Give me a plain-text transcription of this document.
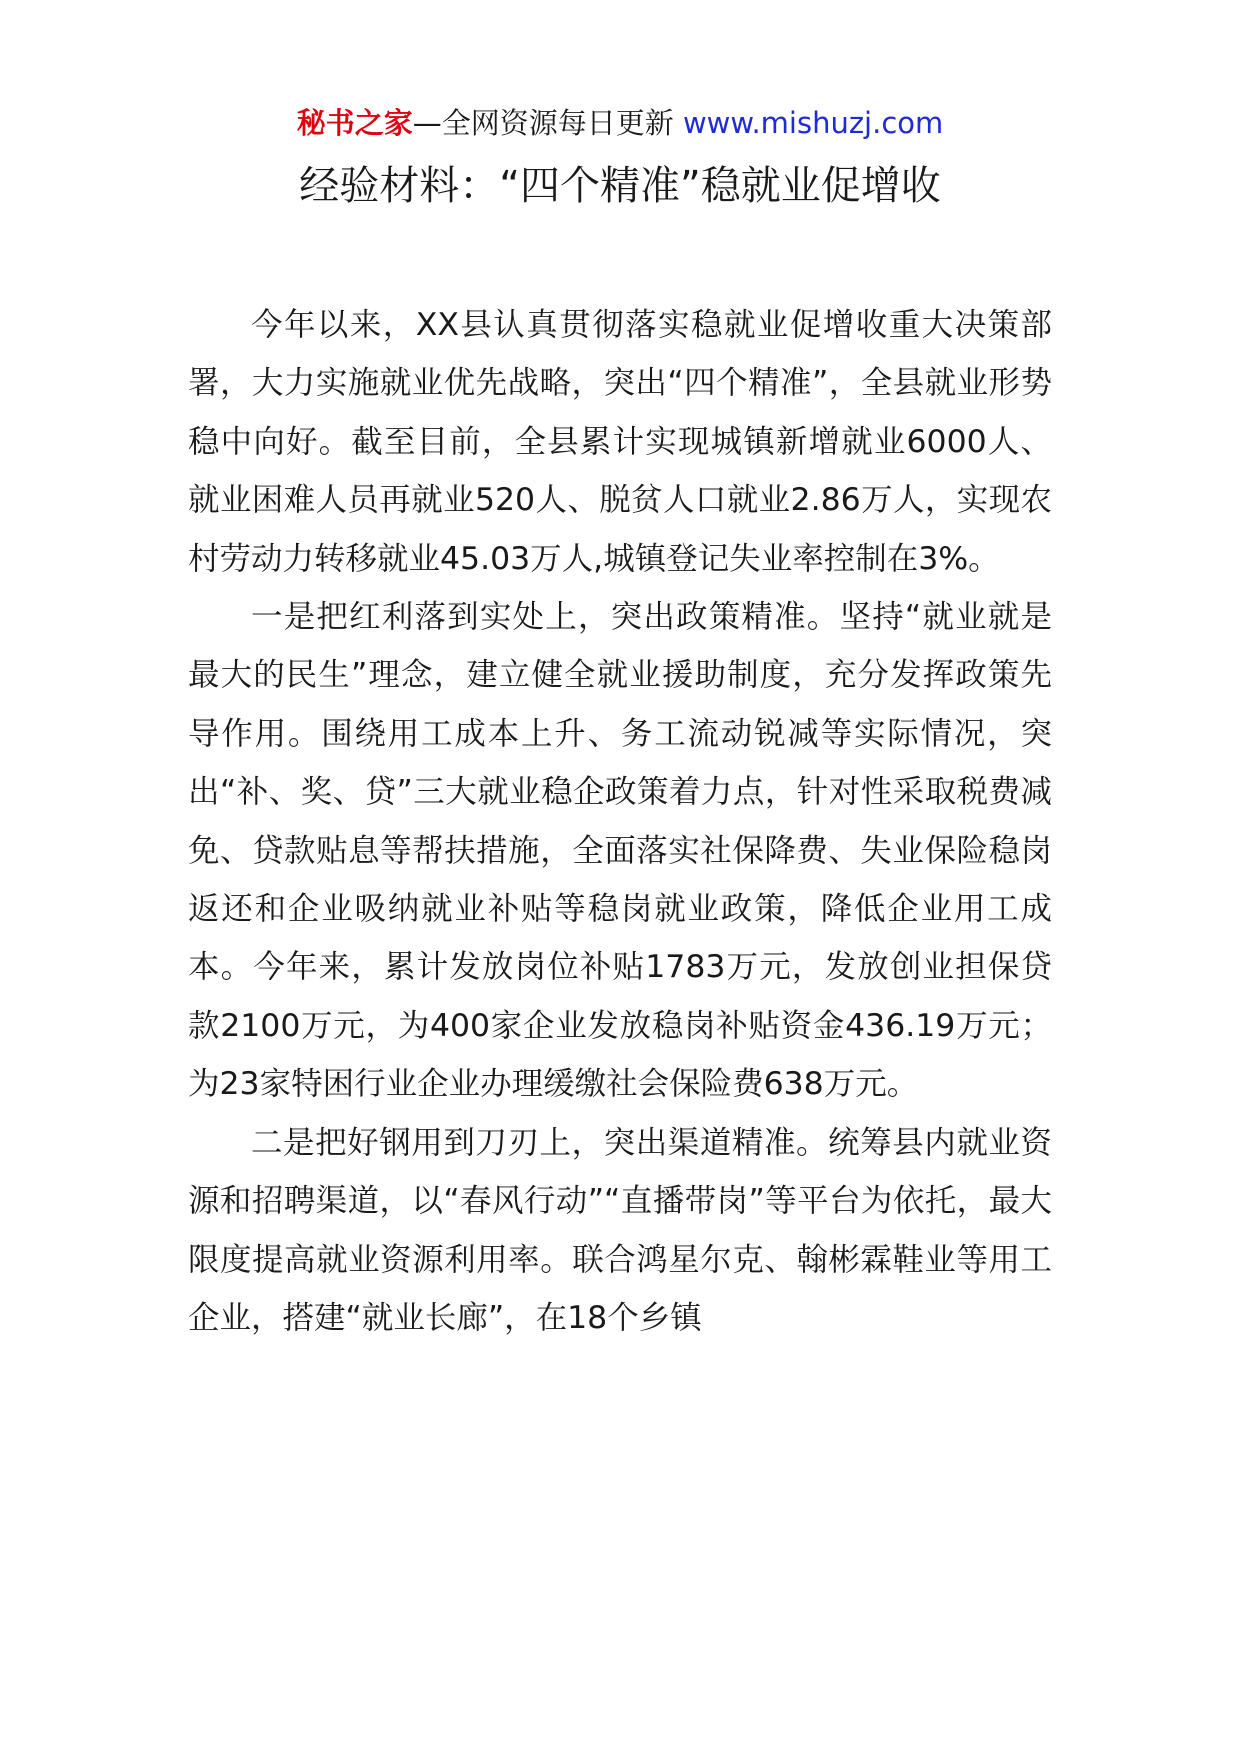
秘书之家—全网资源每日更新 www.mishuzj.com
经验材料：“四个精准”稳就业促增收

今年以来，XX县认真贯彻落实稳就业促增收重大决策部署，大力实施就业优先战略，突出“四个精准”，全县就业形势稳中向好。截至目前，全县累计实现城镇新增就业6000人、就业困难人员再就业520人、脱贫人口就业2.86万人，实现农村劳动力转移就业45.03万人,城镇登记失业率控制在3%。

一是把红利落到实处上，突出政策精准。坚持“就业就是最大的民生”理念，建立健全就业援助制度，充分发挥政策先导作用。围绕用工成本上升、务工流动锐减等实际情况，突出“补、奖、贷”三大就业稳企政策着力点，针对性采取税费减免、贷款贴息等帮扶措施，全面落实社保降费、失业保险稳岗返还和企业吸纳就业补贴等稳岗就业政策，降低企业用工成本。今年来，累计发放岗位补贴1783万元，发放创业担保贷款2100万元，为400家企业发放稳岗补贴资金436.19万元；为23家特困行业企业办理缓缴社会保险费638万元。

二是把好钢用到刀刃上，突出渠道精准。统筹县内就业资源和招聘渠道，以“春风行动”“直播带岗”等平台为依托，最大限度提高就业资源利用率。联合鸿星尔克、翰彬霖鞋业等用工企业，搭建“就业长廊”，在18个乡镇
